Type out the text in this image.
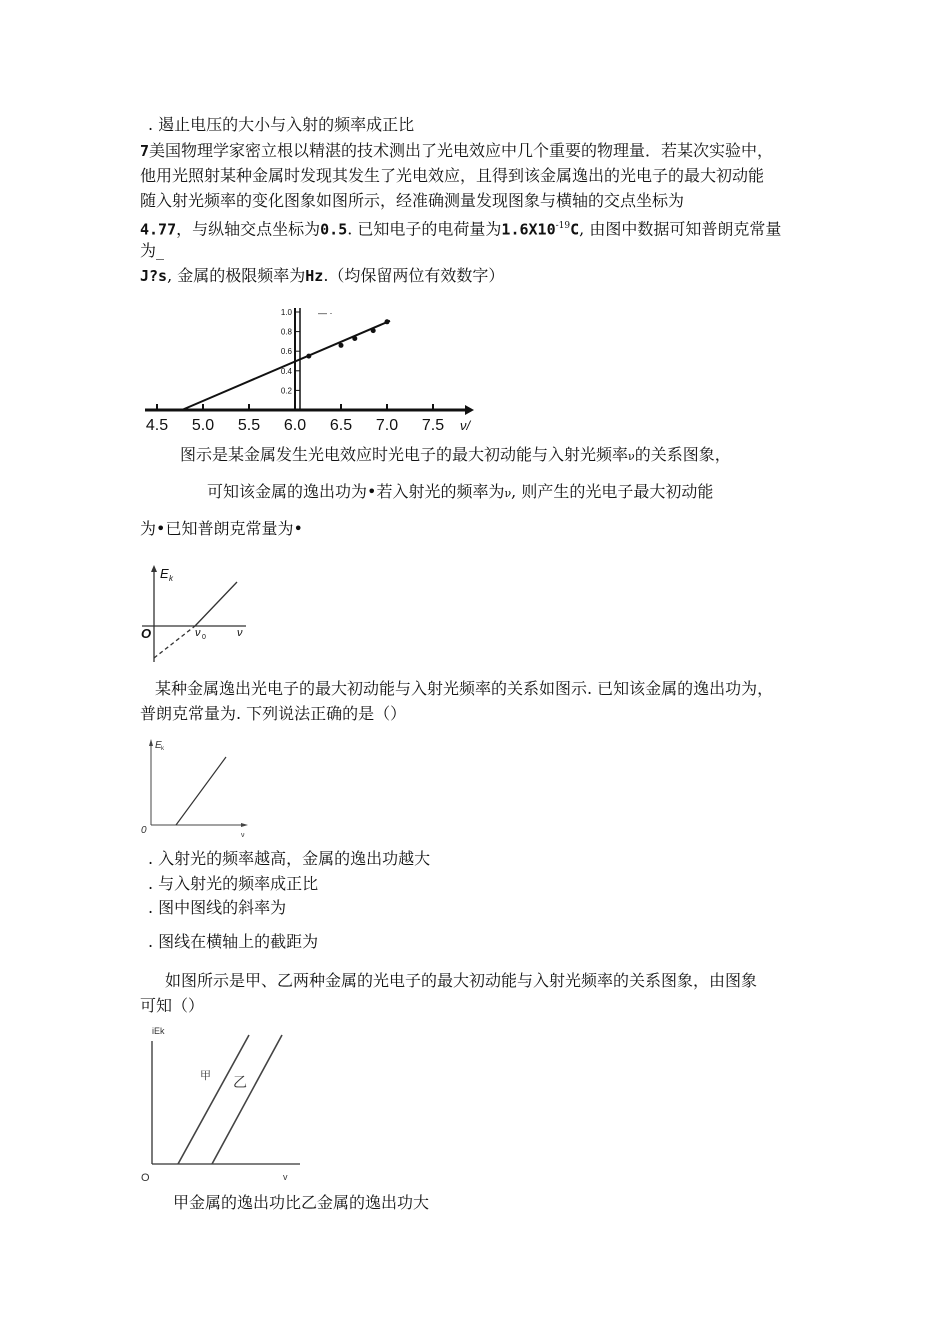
. 遏止电压的大小与入射的频率成正比
7美国物理学家密立根以精湛的技术测出了光电效应中几个重要的物理量．若某次实验中，
他用光照射某种金属时发现其发生了光电效应，且得到该金属逸出的光电子的最大初动能
随入射光频率的变化图象如图所示，经准确测量发现图象与横轴的交点坐标为
4.77，与纵轴交点坐标为0.5. 已知电子的电荷量为$1.6X10^{-19}C$, 由图中数据可知普朗克常量
为_
J?s, 金属的极限频率为Hz.（均保留两位有效数字）
— ·
4.5 5.0 5.5 6.0 6.5 7.0 7.5
1.0
0.8
0.6
0.4
0.2
ν/
图示是某金属发生光电效应时光电子的最大初动能与入射光频率ν的关系图象，
可知该金属的逸出功为•若入射光的频率为ν, 则产生的光电子最大初动能
为•已知普朗克常量为•
E k
O	ν 0	ν
某种金属逸出光电子的最大初动能与入射光频率的关系如图示. 已知该金属的逸出功为，
普朗克常量为. 下列说法正确的是（）
E k
0	ν
. 入射光的频率越高，金属的逸出功越大
. 与入射光的频率成正比
. 图中图线的斜率为
. 图线在横轴上的截距为
如图所示是甲、乙两种金属的光电子的最大初动能与入射光频率的关系图象，由图象
可知（）
iEk
甲 乙
O	v
甲金属的逸出功比乙金属的逸出功大
